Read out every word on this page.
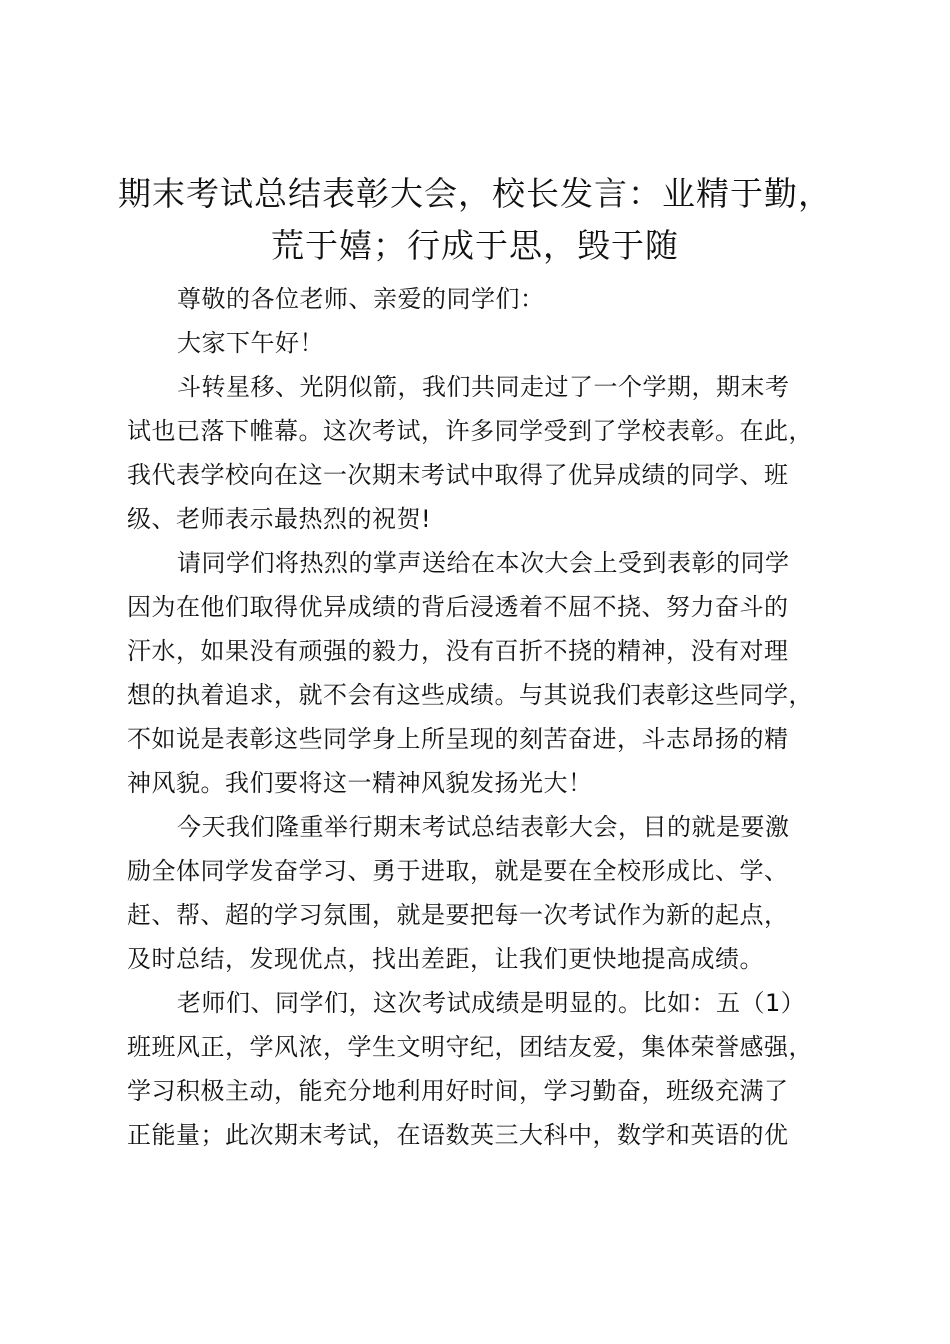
期末考试总结表彰大会，校长发言：业精于勤，
荒于嬉；行成于思，毁于随
尊敬的各位老师、亲爱的同学们：
大家下午好！
斗转星移、光阴似箭，我们共同走过了一个学期，期末考
试也已落下帷幕。这次考试，许多同学受到了学校表彰。在此，
我代表学校向在这一次期末考试中取得了优异成绩的同学、班
级、老师表示最热烈的祝贺!
请同学们将热烈的掌声送给在本次大会上受到表彰的同学
因为在他们取得优异成绩的背后浸透着不屈不挠、努力奋斗的
汗水，如果没有顽强的毅力，没有百折不挠的精神，没有对理
想的执着追求，就不会有这些成绩。与其说我们表彰这些同学，
不如说是表彰这些同学身上所呈现的刻苦奋进，斗志昂扬的精
神风貌。我们要将这一精神风貌发扬光大！
今天我们隆重举行期末考试总结表彰大会，目的就是要激
励全体同学发奋学习、勇于进取，就是要在全校形成比、学、
赶、帮、超的学习氛围，就是要把每一次考试作为新的起点，
及时总结，发现优点，找出差距，让我们更快地提高成绩。
老师们、同学们，这次考试成绩是明显的。比如：五（1）
班班风正，学风浓，学生文明守纪，团结友爱，集体荣誉感强，
学习积极主动，能充分地利用好时间，学习勤奋，班级充满了
正能量；此次期末考试，在语数英三大科中，数学和英语的优
